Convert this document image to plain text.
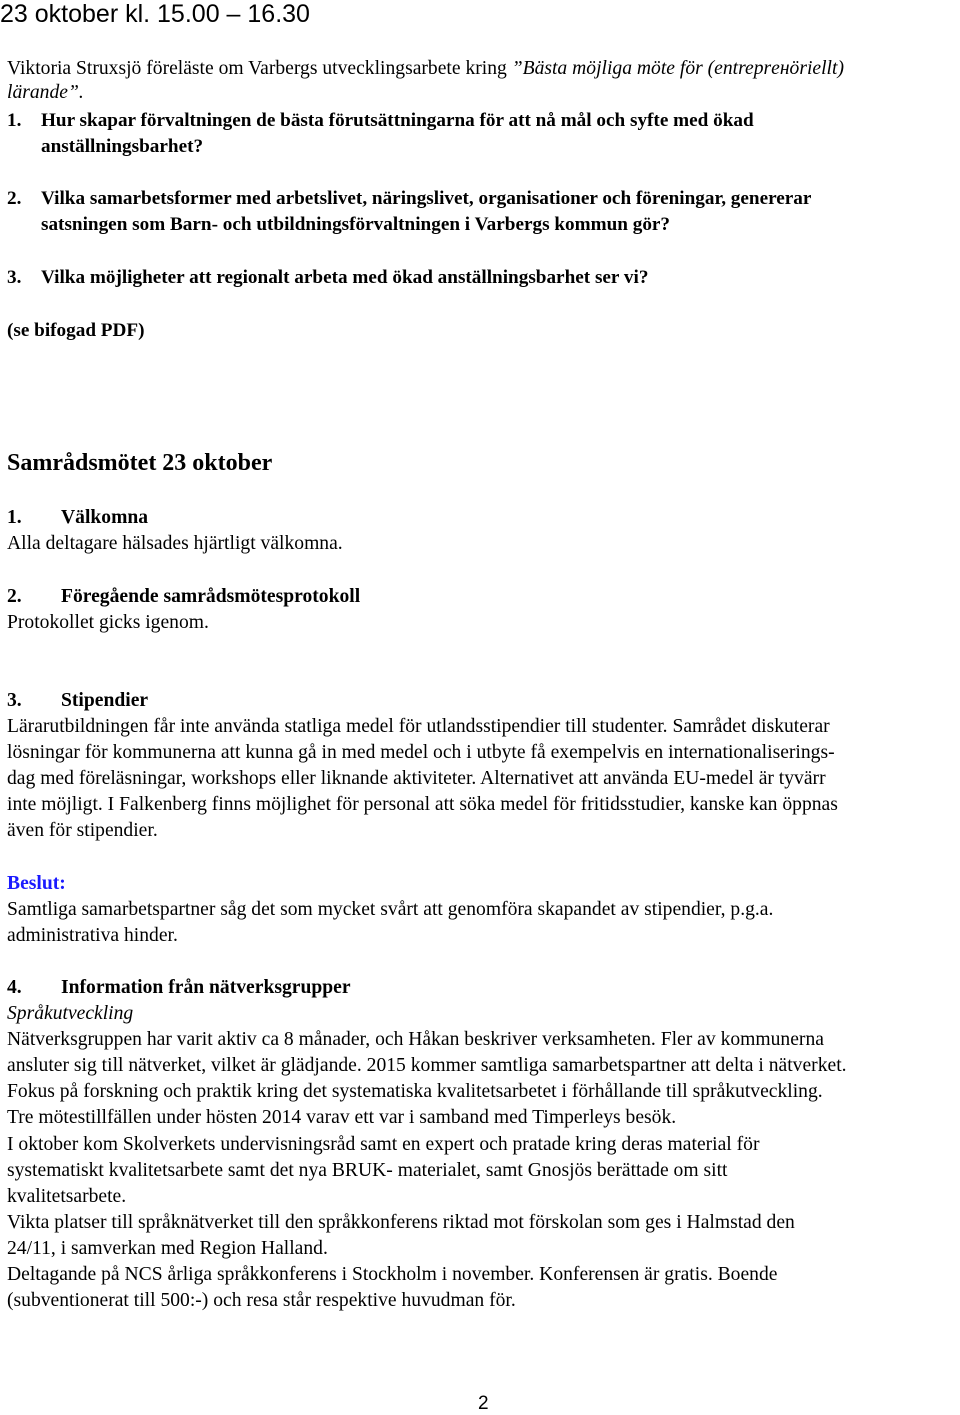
23 oktober kl. 15.00 – 16.30
Viktoria Struxsjö föreläste om Varbergs utvecklingsarbete kring ”Bästa möjliga möte för (entreprенöriellt)
lärande”.
1. Hur skapar förvaltningen de bästa förutsättningarna för att nå mål och syfte med ökad
anställningsbarhet?
2. Vilka samarbetsformer med arbetslivet, näringslivet, organisationer och föreningar, genererar
satsningen som Barn- och utbildningsförvaltningen i Varbergs kommun gör?
3. Vilka möjligheter att regionalt arbeta med ökad anställningsbarhet ser vi?
(se bifogad PDF)
Samrådsmötet 23 oktober
1. Välkomna
Alla deltagare hälsades hjärtligt välkomna.
2. Föregående samrådsmötesprotokoll
Protokollet gicks igenom.
3. Stipendier
Lärarutbildningen får inte använda statliga medel för utlandsstipendier till studenter. Samrådet diskuterar
lösningar för kommunerna att kunna gå in med medel och i utbyte få exempelvis en internationaliserings-
dag med föreläsningar, workshops eller liknande aktiviteter. Alternativet att använda EU-medel är tyvärr
inte möjligt. I Falkenberg finns möjlighet för personal att söka medel för fritidsstudier, kanske kan öppnas
även för stipendier.
Beslut:
Samtliga samarbetspartner såg det som mycket svårt att genomföra skapandet av stipendier, p.g.a.
administrativa hinder.
4. Information från nätverksgrupper
Språkutveckling
Nätverksgruppen har varit aktiv ca 8 månader, och Håkan beskriver verksamheten. Fler av kommunerna
ansluter sig till nätverket, vilket är glädjande. 2015 kommer samtliga samarbetspartner att delta i nätverket.
Fokus på forskning och praktik kring det systematiska kvalitetsarbetet i förhållande till språkutveckling.
Tre mötestillfällen under hösten 2014 varav ett var i samband med Timperleys besök.
I oktober kom Skolverkets undervisningsråd samt en expert och pratade kring deras material för
systematiskt kvalitetsarbete samt det nya BRUK- materialet, samt Gnosjös berättade om sitt
kvalitetsarbete.
Vikta platser till språknätverket till den språkkonferens riktad mot förskolan som ges i Halmstad den
24/11, i samverkan med Region Halland.
Deltagande på NCS årliga språkkonferens i Stockholm i november. Konferensen är gratis. Boende
(subventionerat till 500:-) och resa står respektive huvudman för.
2
